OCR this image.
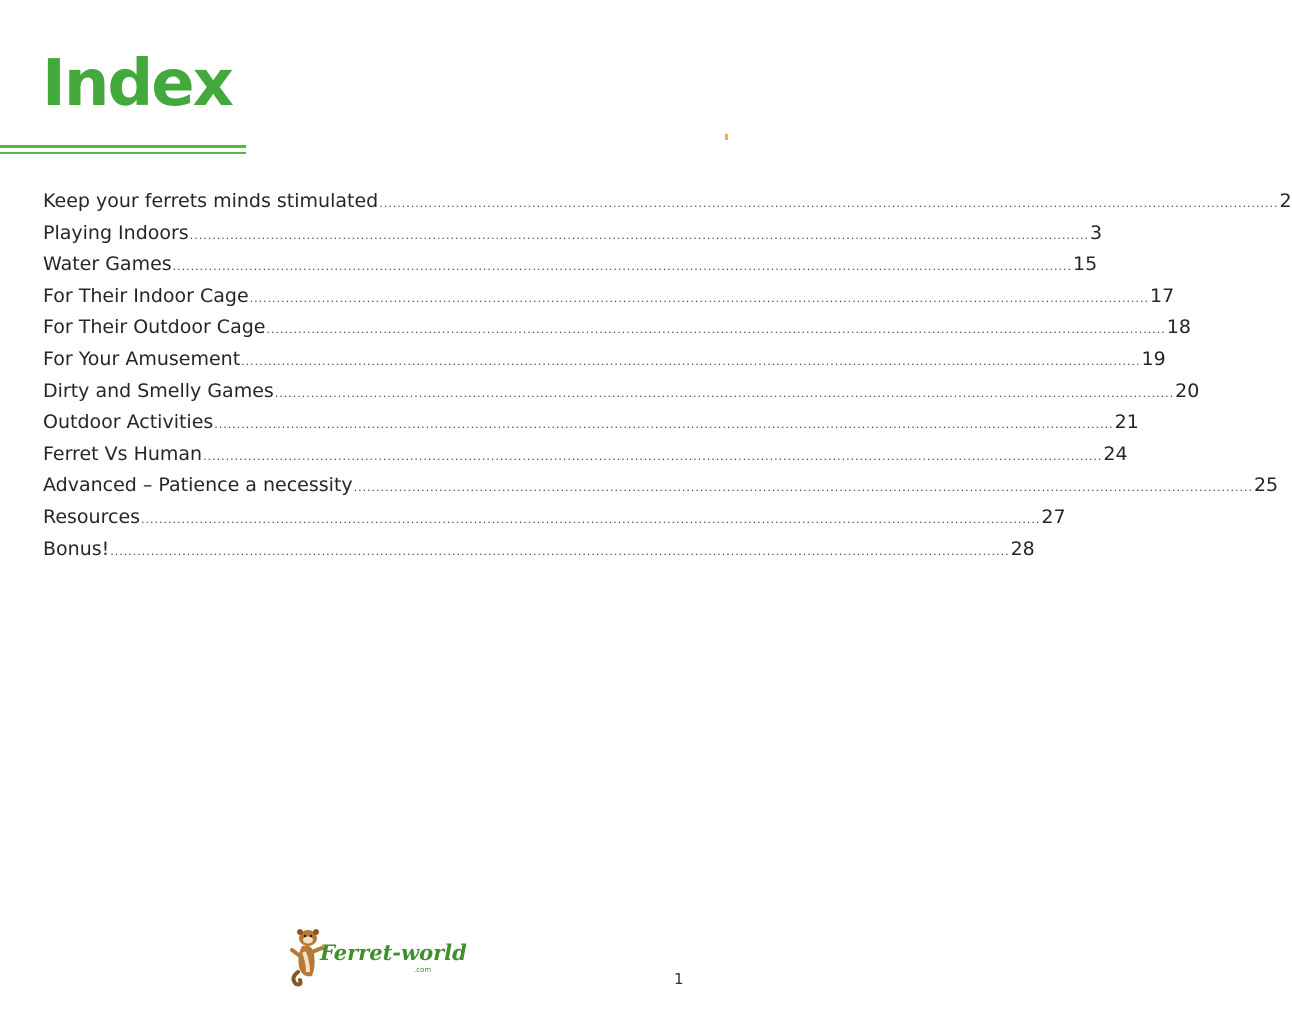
Index
Keep your ferrets minds stimulated ........................................................................................................................................................................................................ 2
Playing Indoors ........................................................................................................................................................................................................ 3
Water Games ........................................................................................................................................................................................................ 15
For Their Indoor Cage ........................................................................................................................................................................................................ 17
For Their Outdoor Cage ........................................................................................................................................................................................................ 18
For Your Amusement ........................................................................................................................................................................................................ 19
Dirty and Smelly Games ........................................................................................................................................................................................................ 20
Outdoor Activities ........................................................................................................................................................................................................ 21
Ferret Vs Human ........................................................................................................................................................................................................ 24
Advanced – Patience a necessity ........................................................................................................................................................................................................ 25
Resources ........................................................................................................................................................................................................ 27
Bonus! ........................................................................................................................................................................................................ 28
Ferret-world
.com	1
